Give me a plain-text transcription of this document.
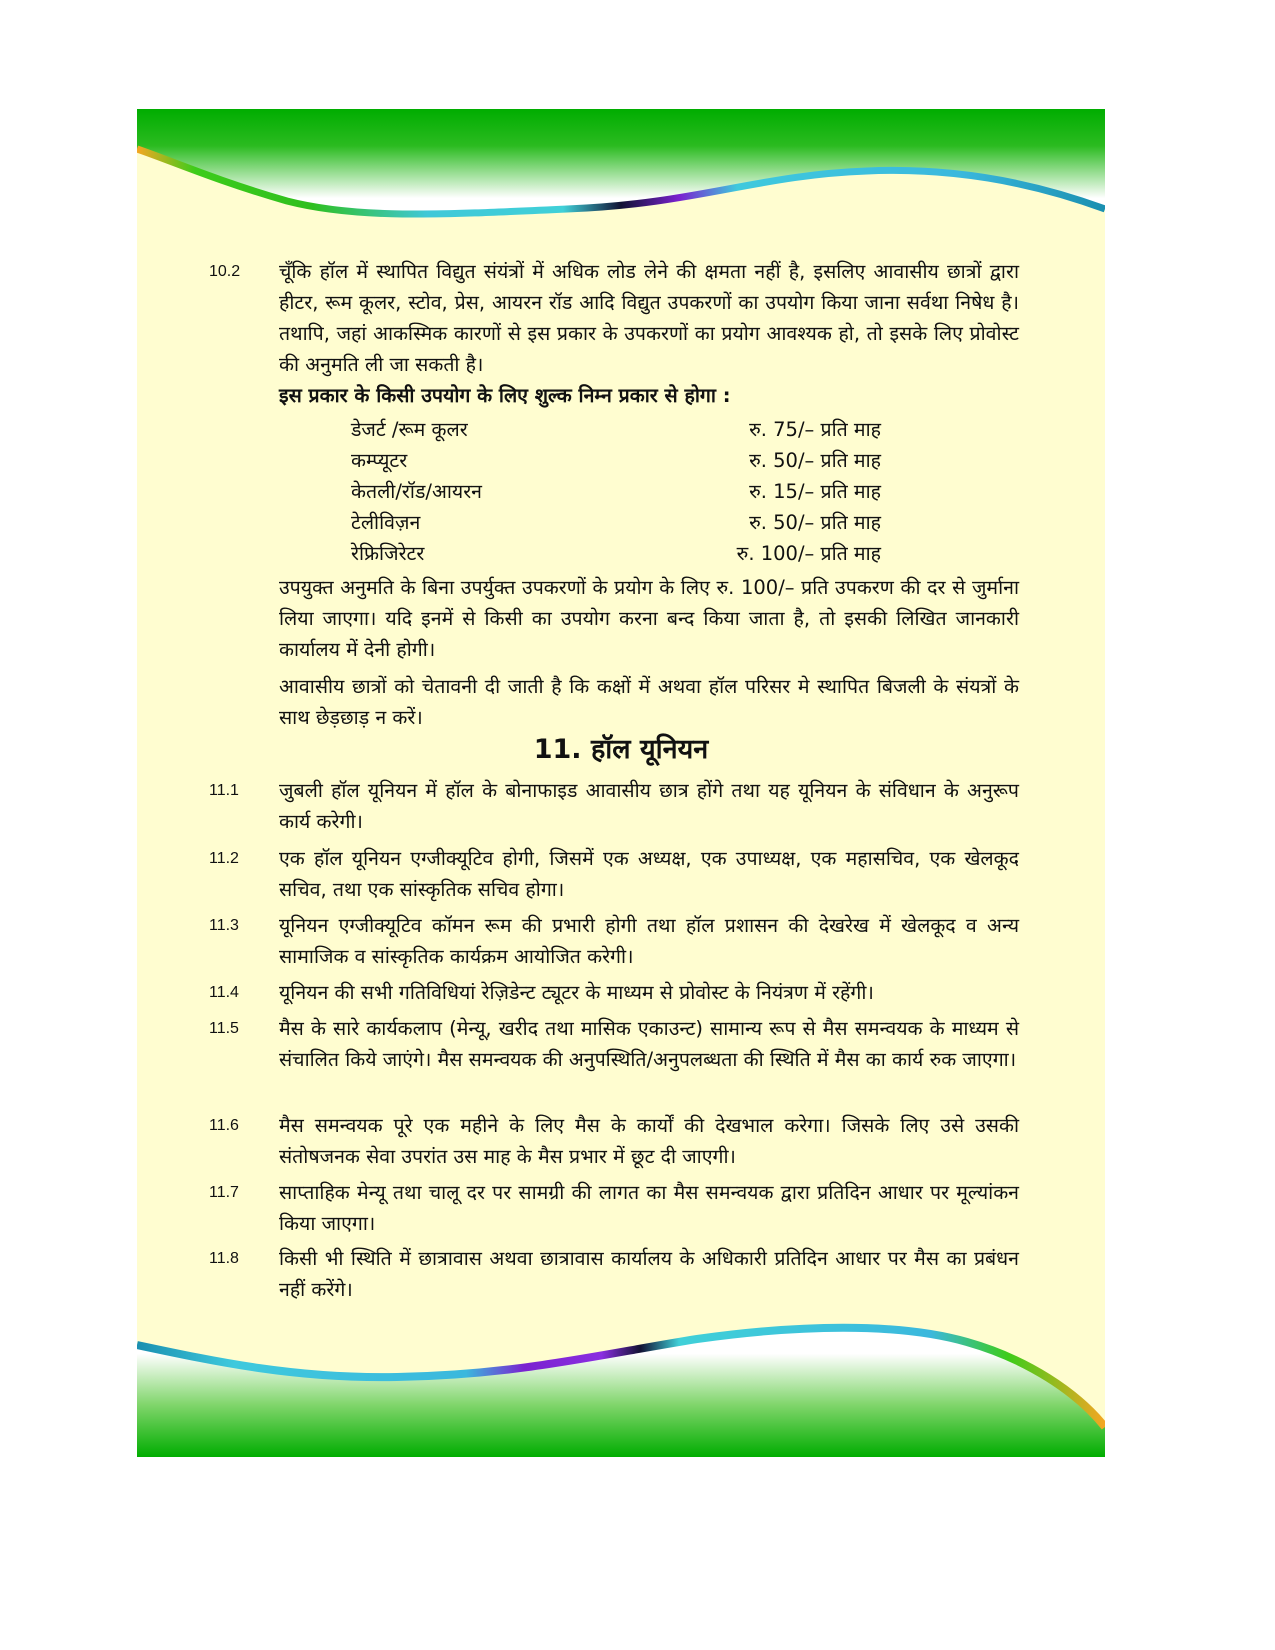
10.2	चूँकि हॉल में स्थापित विद्युत संयंत्रों में अधिक लोड लेने की क्षमता नहीं है, इसलिए आवासीय छात्रों द्वारा हीटर, रूम कूलर, स्टोव, प्रेस, आयरन रॉड आदि विद्युत उपकरणों का उपयोग किया जाना सर्वथा निषेध है। तथापि, जहां आकस्मिक कारणों से इस प्रकार के उपकरणों का प्रयोग आवश्यक हो, तो इसके लिए प्रोवोस्ट की अनुमति ली जा सकती है।
इस प्रकार के किसी उपयोग के लिए शुल्क निम्न प्रकार से होगा :
डेजर्ट /रूम कूलर	रु. 75/– प्रति माह
कम्प्यूटर	रु. 50/– प्रति माह
केतली/रॉड/आयरन	रु. 15/– प्रति माह
टेलीविज़न	रु. 50/– प्रति माह
रेफ्रिजिरेटर	रु. 100/– प्रति माह
उपयुक्त अनुमति के बिना उपर्युक्त उपकरणों के प्रयोग के लिए रु. 100/– प्रति उपकरण की दर से जुर्माना लिया जाएगा। यदि इनमें से किसी का उपयोग करना बन्द किया जाता है, तो इसकी लिखित जानकारी कार्यालय में देनी होगी।
आवासीय छात्रों को चेतावनी दी जाती है कि कक्षों में अथवा हॉल परिसर मे स्थापित बिजली के संयत्रों के साथ छेड़छाड़ न करें।
11. हॉल यूनियन
11.1	जुबली हॉल यूनियन में हॉल के बोनाफाइड आवासीय छात्र होंगे तथा यह यूनियन के संविधान के अनुरूप कार्य करेगी।
11.2	एक हॉल यूनियन एग्जीक्यूटिव होगी, जिसमें एक अध्यक्ष, एक उपाध्यक्ष, एक महासचिव, एक खेलकूद सचिव, तथा एक सांस्कृतिक सचिव होगा।
11.3	यूनियन एग्जीक्यूटिव कॉमन रूम की प्रभारी होगी तथा हॉल प्रशासन की देखरेख में खेलकूद व अन्य सामाजिक व सांस्कृतिक कार्यक्रम आयोजित करेगी।
11.4	यूनियन की सभी गतिविधियां रेज़िडेन्ट ट्यूटर के माध्यम से प्रोवोस्ट के नियंत्रण में रहेंगी।
11.5	मैस के सारे कार्यकलाप (मेन्यू, खरीद तथा मासिक एकाउन्ट) सामान्य रूप से मैस समन्वयक के माध्यम से संचालित किये जाएंगे। मैस समन्वयक की अनुपस्थिति/अनुपलब्धता की स्थिति में मैस का कार्य रुक जाएगा।
11.6	मैस समन्वयक पूरे एक महीने के लिए मैस के कार्यों की देखभाल करेगा। जिसके लिए उसे उसकी संतोषजनक सेवा उपरांत उस माह के मैस प्रभार में छूट दी जाएगी।
11.7	साप्ताहिक मेन्यू तथा चालू दर पर सामग्री की लागत का मैस समन्वयक द्वारा प्रतिदिन आधार पर मूल्यांकन किया जाएगा।
11.8	किसी भी स्थिति में छात्रावास अथवा छात्रावास कार्यालय के अधिकारी प्रतिदिन आधार पर मैस का प्रबंधन नहीं करेंगे।
